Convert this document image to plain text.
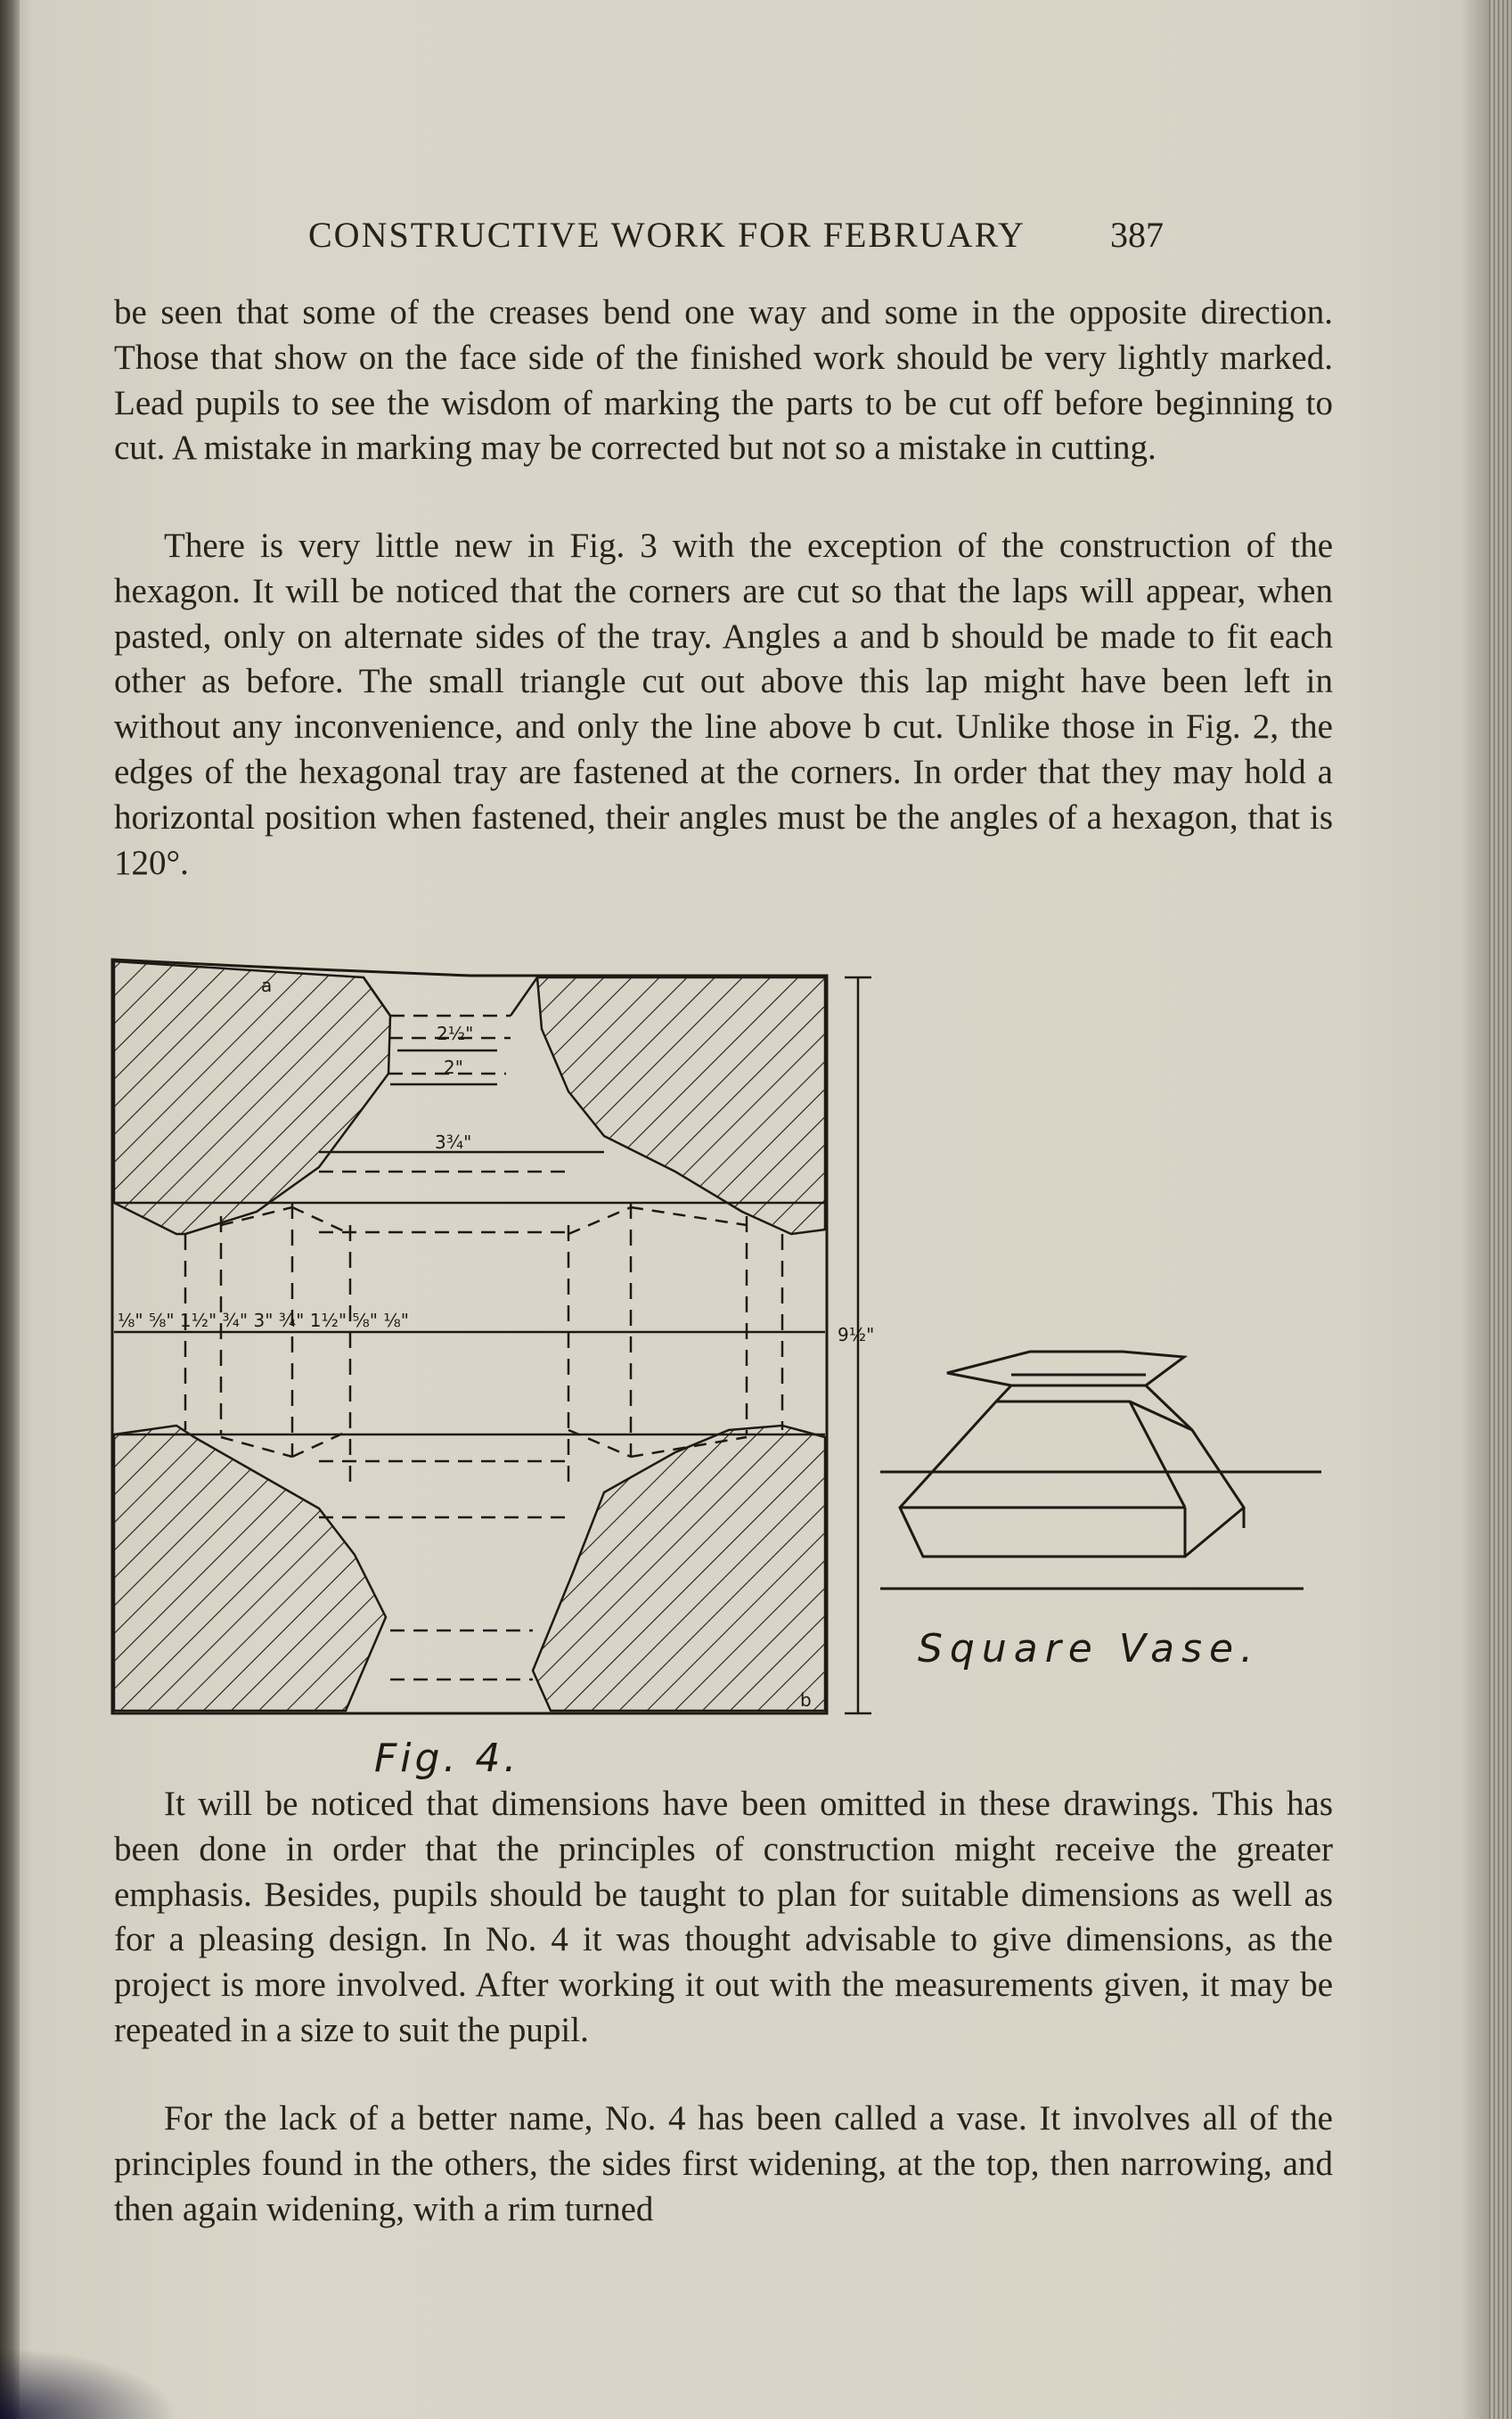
CONSTRUCTIVE WORK FOR FEBRUARY 387

be seen that some of the creases bend one way and some in the opposite direction. Those that show on the face side of the finished work should be very lightly marked. Lead pupils to see the wisdom of marking the parts to be cut off before beginning to cut. A mistake in marking may be corrected but not so a mistake in cutting.

There is very little new in Fig. 3 with the exception of the construction of the hexagon. It will be noticed that the corners are cut so that the laps will appear, when pasted, only on alternate sides of the tray. Angles a and b should be made to fit each other as before. The small triangle cut out above this lap might have been left in without any inconvenience, and only the line above b cut. Unlike those in Fig. 2, the edges of the hexagonal tray are fastened at the corners. In order that they may hold a horizontal position when fastened, their angles must be the angles of a hexagon, that is 120°.

a
2½"
2"
3¾"
⅛" ⅝" 1½" ¾" 3" ¾" 1½" ⅝" ⅛"
9½"
b
Square Vase.
Fig. 4.

It will be noticed that dimensions have been omitted in these drawings. This has been done in order that the principles of construction might receive the greater emphasis. Besides, pupils should be taught to plan for suitable dimensions as well as for a pleasing design. In No. 4 it was thought advisable to give dimensions, as the project is more involved. After working it out with the measurements given, it may be repeated in a size to suit the pupil.

For the lack of a better name, No. 4 has been called a vase. It involves all of the principles found in the others, the sides first widening, at the top, then narrowing, and then again widening, with a rim turned
